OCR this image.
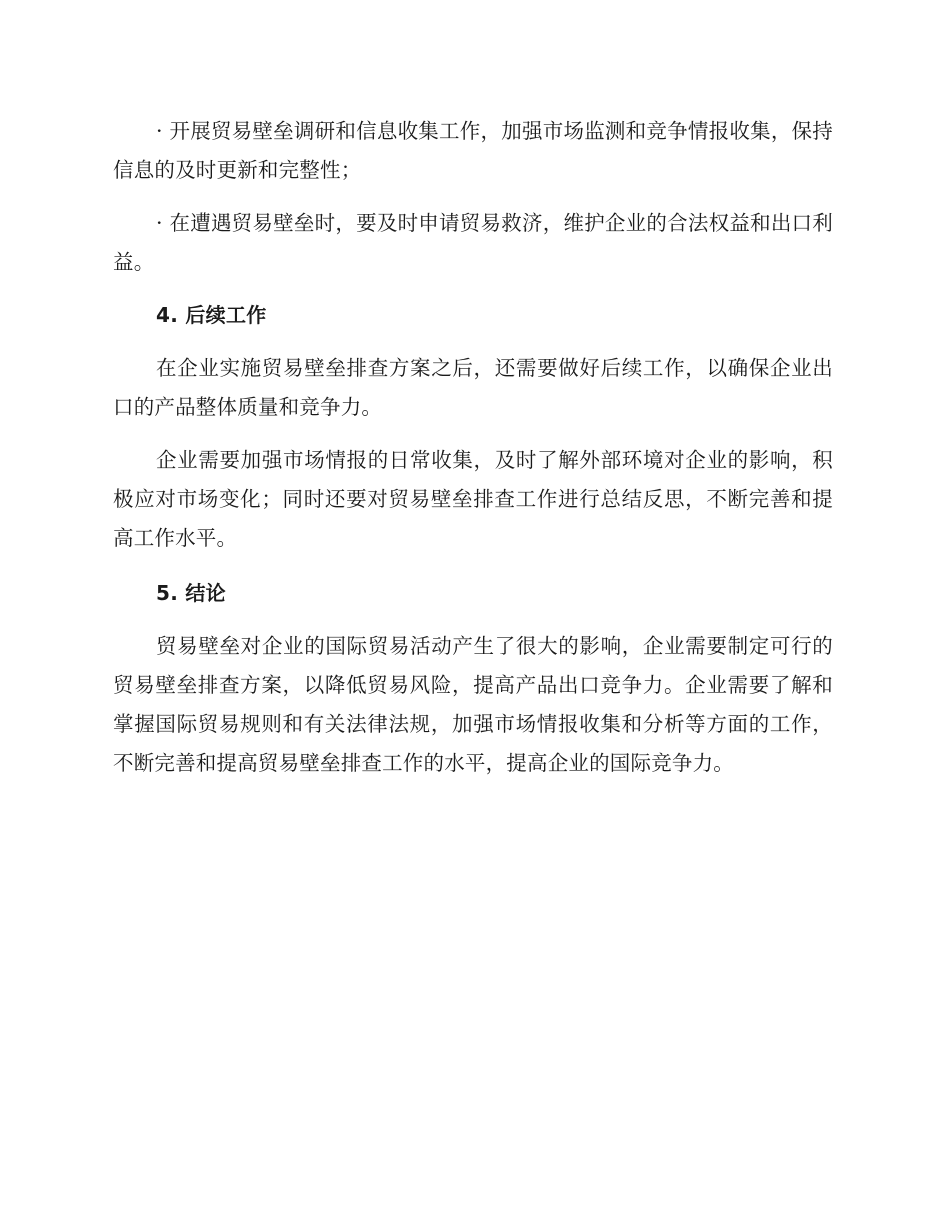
· 开展贸易壁垒调研和信息收集工作，加强市场监测和竞争情报收集，保持信息的及时更新和完整性；

· 在遭遇贸易壁垒时，要及时申请贸易救济，维护企业的合法权益和出口利益。

4. 后续工作

在企业实施贸易壁垒排查方案之后，还需要做好后续工作，以确保企业出口的产品整体质量和竞争力。

企业需要加强市场情报的日常收集，及时了解外部环境对企业的影响，积极应对市场变化；同时还要对贸易壁垒排查工作进行总结反思，不断完善和提高工作水平。

5. 结论

贸易壁垒对企业的国际贸易活动产生了很大的影响，企业需要制定可行的贸易壁垒排查方案，以降低贸易风险，提高产品出口竞争力。企业需要了解和掌握国际贸易规则和有关法律法规，加强市场情报收集和分析等方面的工作，不断完善和提高贸易壁垒排查工作的水平，提高企业的国际竞争力。
